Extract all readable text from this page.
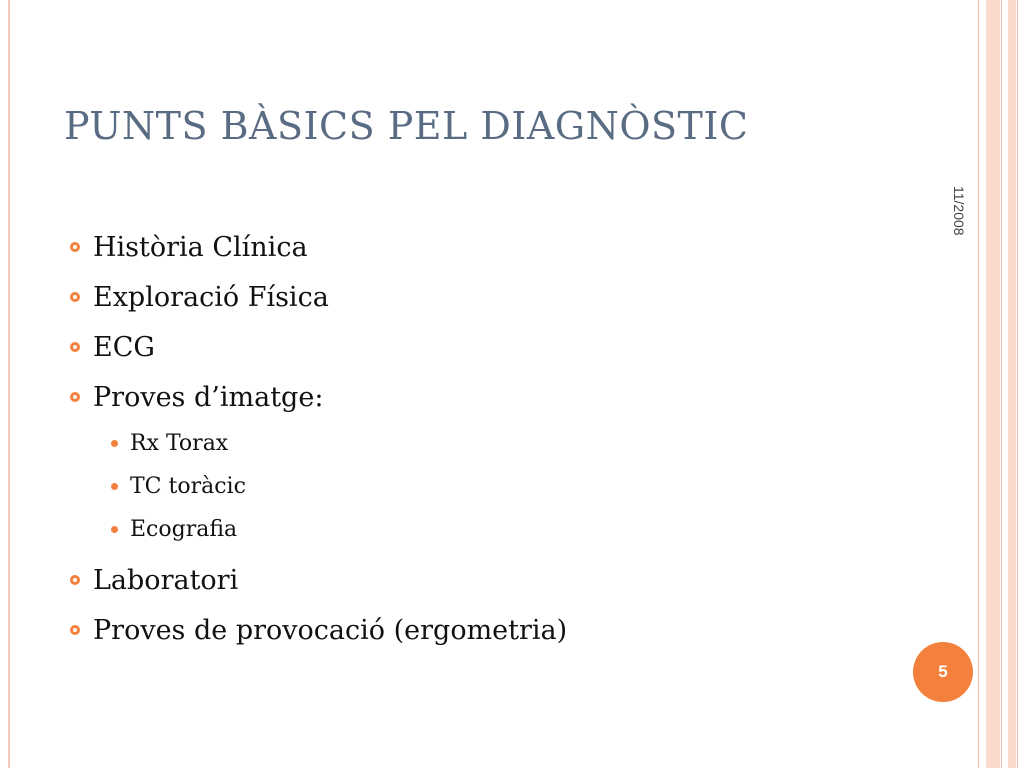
PUNTS BÀSICS PEL DIAGNÒSTIC
11/2008
Història Clínica
Exploració Física
ECG
Proves d’imatge:
Rx Torax
TC toràcic
Ecografia
Laboratori
Proves de provocació (ergometria)
5
